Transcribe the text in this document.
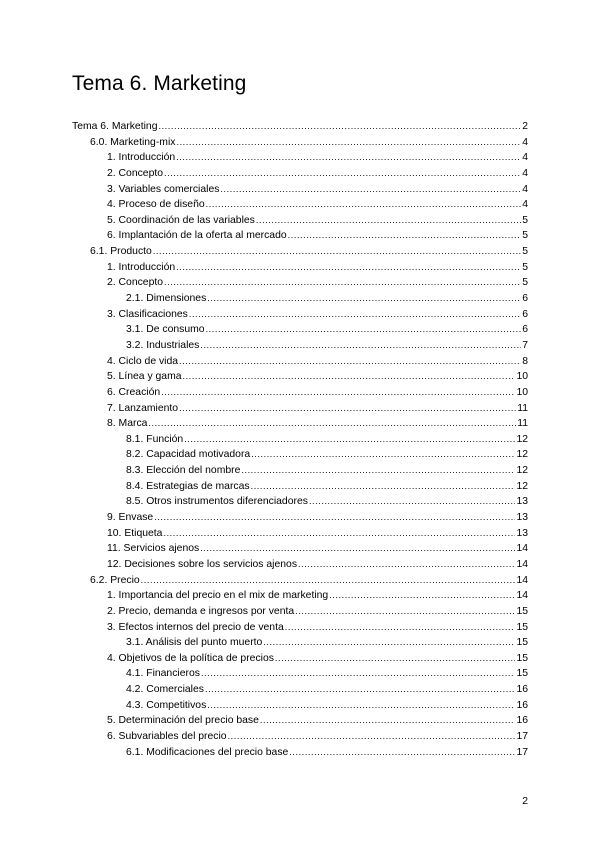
Tema 6. Marketing
Tema 6. Marketing .....	2
6.0. Marketing-mix .....	4
1. Introducción .....	4
2. Concepto .....	4
3. Variables comerciales .....	4
4. Proceso de diseño .....	4
5. Coordinación de las variables .....	5
6. Implantación de la oferta al mercado .....	5
6.1. Producto .....	5
1. Introducción .....	5
2. Concepto .....	5
2.1. Dimensiones .....	6
3. Clasificaciones .....	6
3.1. De consumo .....	6
3.2. Industriales .....	7
4. Ciclo de vida .....	8
5. Línea y gama .....	10
6. Creación .....	10
7. Lanzamiento .....	11
8. Marca .....	11
8.1. Función .....	12
8.2. Capacidad motivadora .....	12
8.3. Elección del nombre .....	12
8.4. Estrategias de marcas .....	12
8.5. Otros instrumentos diferenciadores .....	13
9. Envase .....	13
10. Etiqueta .....	13
11. Servicios ajenos .....	14
12. Decisiones sobre los servicios ajenos .....	14
6.2. Precio .....	14
1. Importancia del precio en el mix de marketing .....	14
2. Precio, demanda e ingresos por venta .....	15
3. Efectos internos del precio de venta .....	15
3.1. Análisis del punto muerto .....	15
4. Objetivos de la política de precios .....	15
4.1. Financieros .....	15
4.2. Comerciales .....	16
4.3. Competitivos .....	16
5. Determinación del precio base .....	16
6. Subvariables del precio .....	17
6.1. Modificaciones del precio base .....	17
2
